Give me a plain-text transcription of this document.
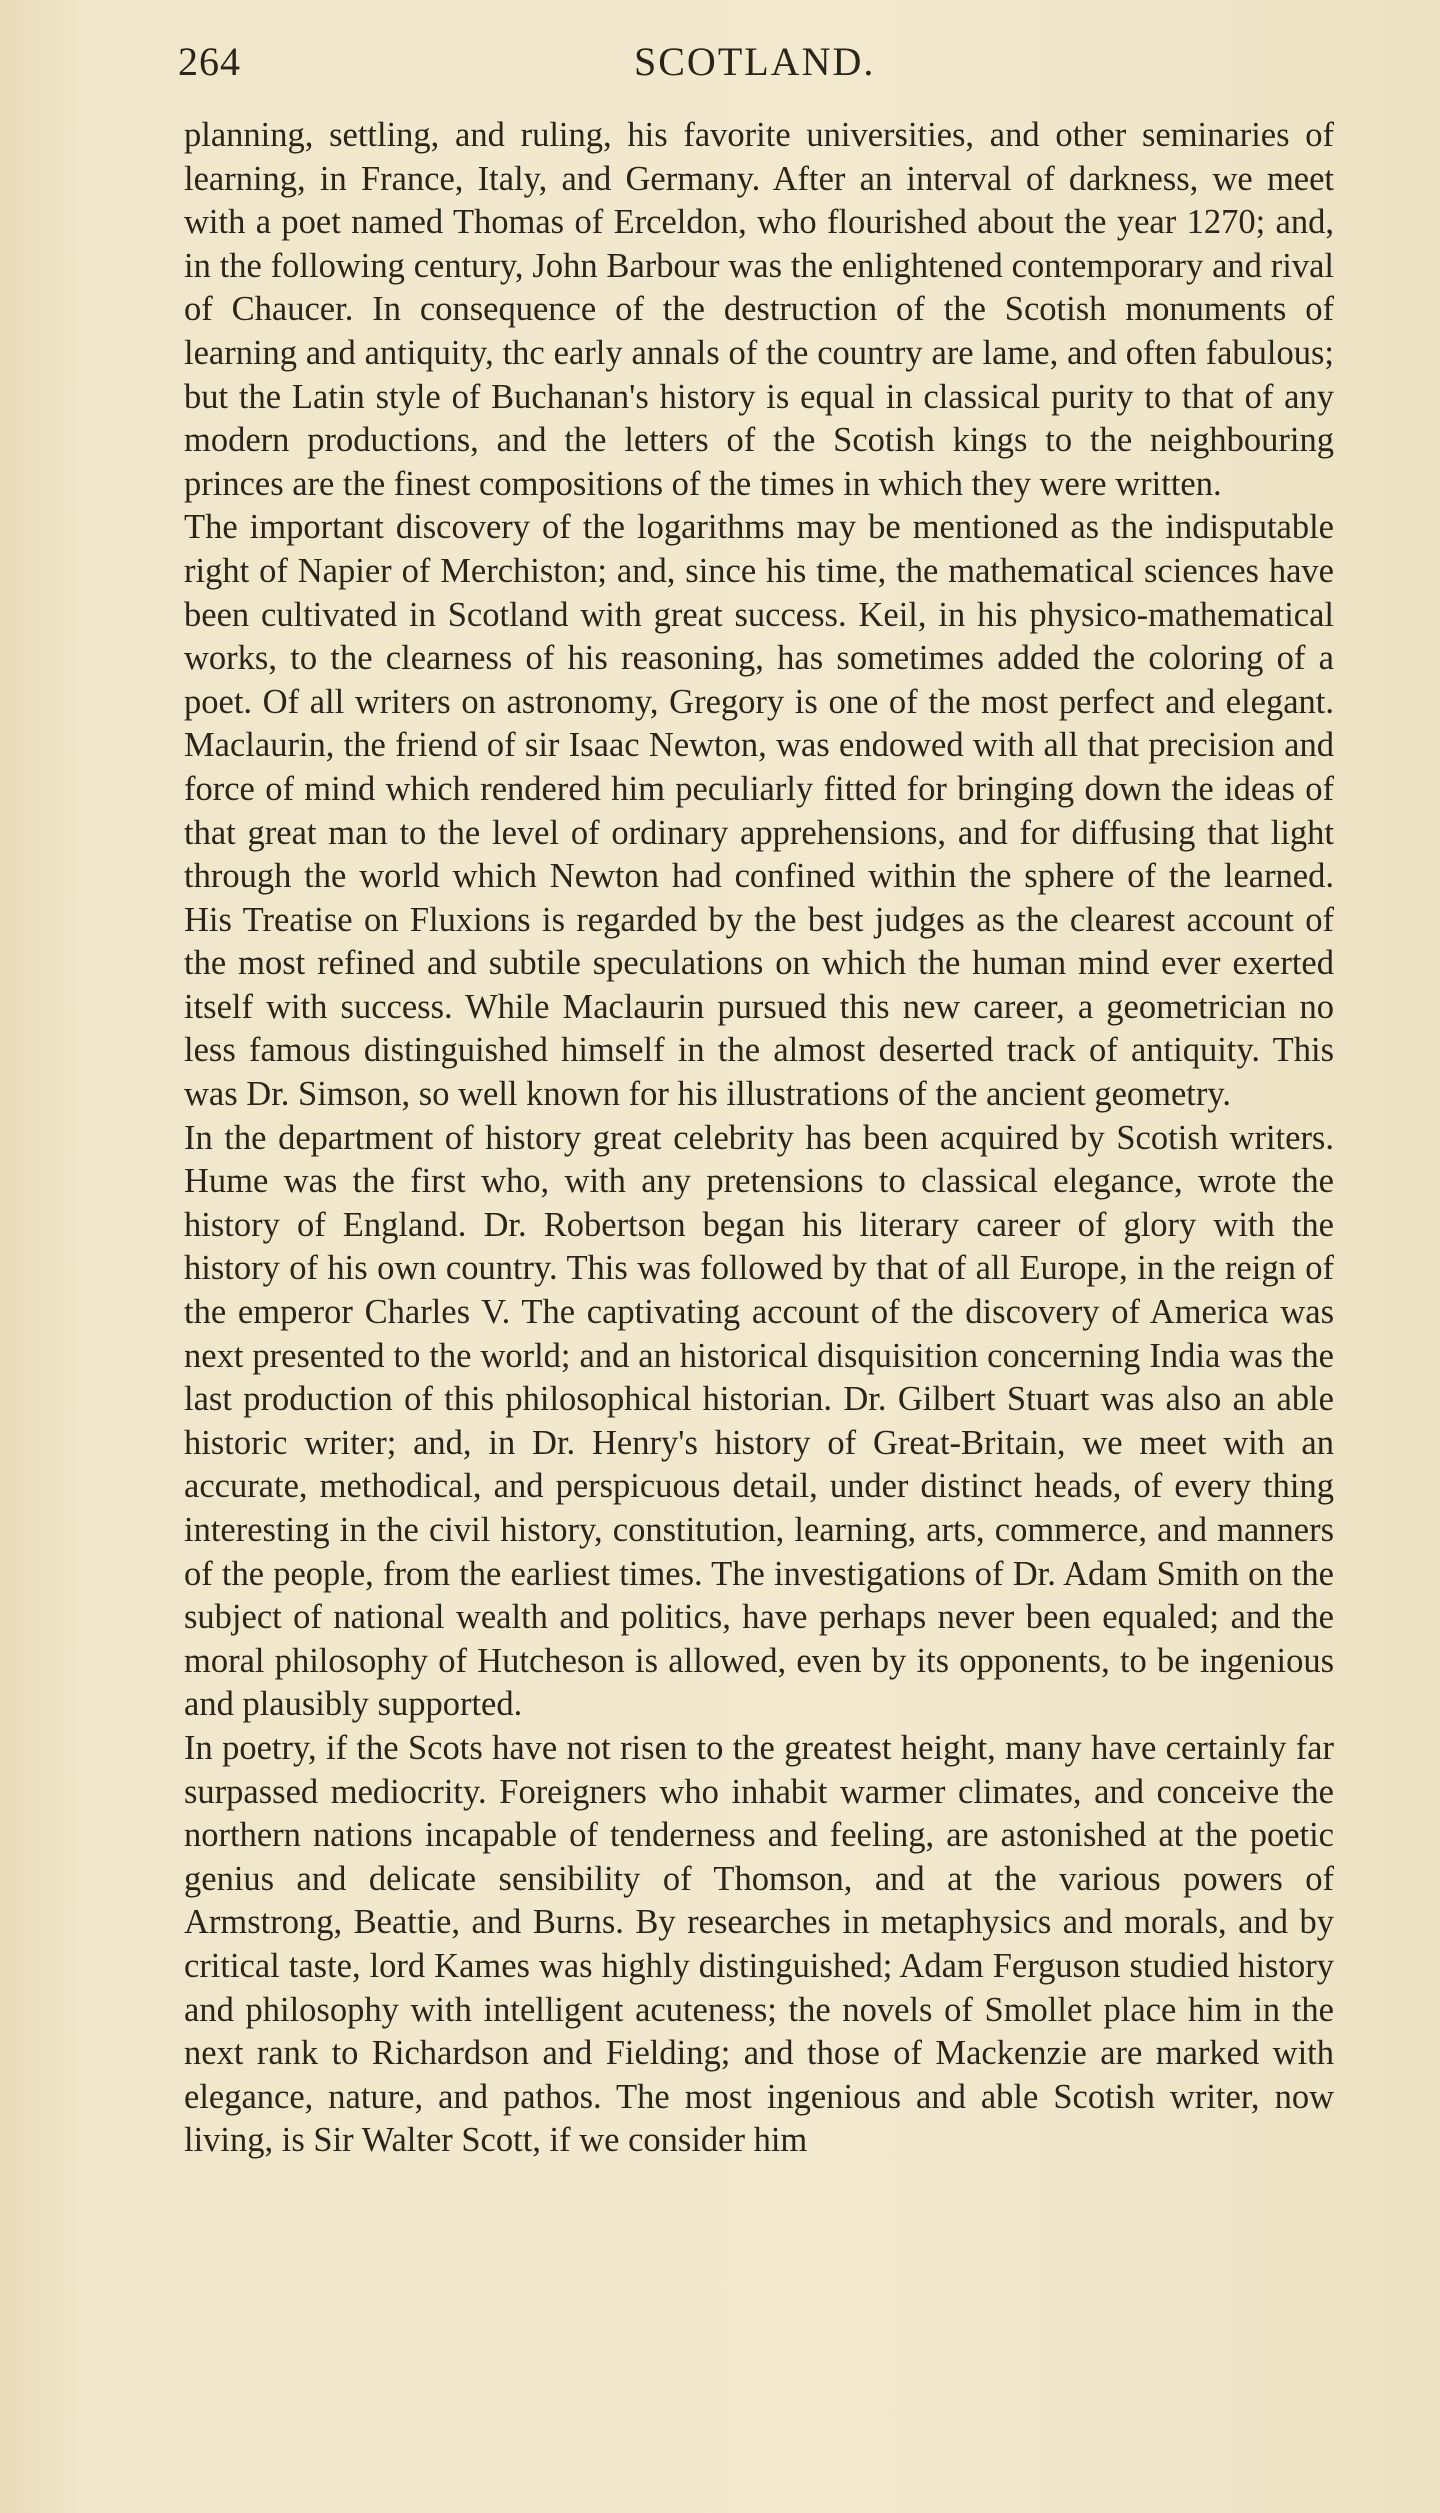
264	SCOTLAND.

planning, settling, and ruling, his favorite universities, and other seminaries of learning, in France, Italy, and Germany. After an interval of darkness, we meet with a poet named Thomas of Erceldon, who flourished about the year 1270; and, in the following century, John Barbour was the enlightened contemporary and rival of Chaucer. In consequence of the destruction of the Scotish monuments of learning and antiquity, thc early annals of the country are lame, and often fabulous; but the Latin style of Buchanan's history is equal in classical purity to that of any modern productions, and the letters of the Scotish kings to the neighbouring princes are the finest compositions of the times in which they were written.

The important discovery of the logarithms may be mentioned as the indisputable right of Napier of Merchiston; and, since his time, the mathematical sciences have been cultivated in Scotland with great success. Keil, in his physico-mathematical works, to the clearness of his reasoning, has sometimes added the coloring of a poet. Of all writers on astronomy, Gregory is one of the most perfect and elegant. Maclaurin, the friend of sir Isaac Newton, was endowed with all that precision and force of mind which rendered him peculiarly fitted for bringing down the ideas of that great man to the level of ordinary apprehensions, and for diffusing that light through the world which Newton had confined within the sphere of the learned. His Treatise on Fluxions is regarded by the best judges as the clearest account of the most refined and subtile speculations on which the human mind ever exerted itself with success. While Maclaurin pursued this new career, a geometrician no less famous distinguished himself in the almost deserted track of antiquity. This was Dr. Simson, so well known for his illustrations of the ancient geometry.

In the department of history great celebrity has been acquired by Scotish writers. Hume was the first who, with any pretensions to classical elegance, wrote the history of England. Dr. Robertson began his literary career of glory with the history of his own country. This was followed by that of all Europe, in the reign of the emperor Charles V. The captivating account of the discovery of America was next presented to the world; and an historical disquisition concerning India was the last production of this philosophical historian. Dr. Gilbert Stuart was also an able historic writer; and, in Dr. Henry's history of Great-Britain, we meet with an accurate, methodical, and perspicuous detail, under distinct heads, of every thing interesting in the civil history, constitution, learning, arts, commerce, and manners of the people, from the earliest times. The investigations of Dr. Adam Smith on the subject of national wealth and politics, have perhaps never been equaled; and the moral philosophy of Hutcheson is allowed, even by its opponents, to be ingenious and plausibly supported.

In poetry, if the Scots have not risen to the greatest height, many have certainly far surpassed mediocrity. Foreigners who inhabit warmer climates, and conceive the northern nations incapable of tenderness and feeling, are astonished at the poetic genius and delicate sensibility of Thomson, and at the various powers of Armstrong, Beattie, and Burns. By researches in metaphysics and morals, and by critical taste, lord Kames was highly distinguished; Adam Ferguson studied history and philosophy with intelligent acuteness; the novels of Smollet place him in the next rank to Richardson and Fielding; and those of Mackenzie are marked with elegance, nature, and pathos. The most ingenious and able Scotish writer, now living, is Sir Walter Scott, if we consider him
